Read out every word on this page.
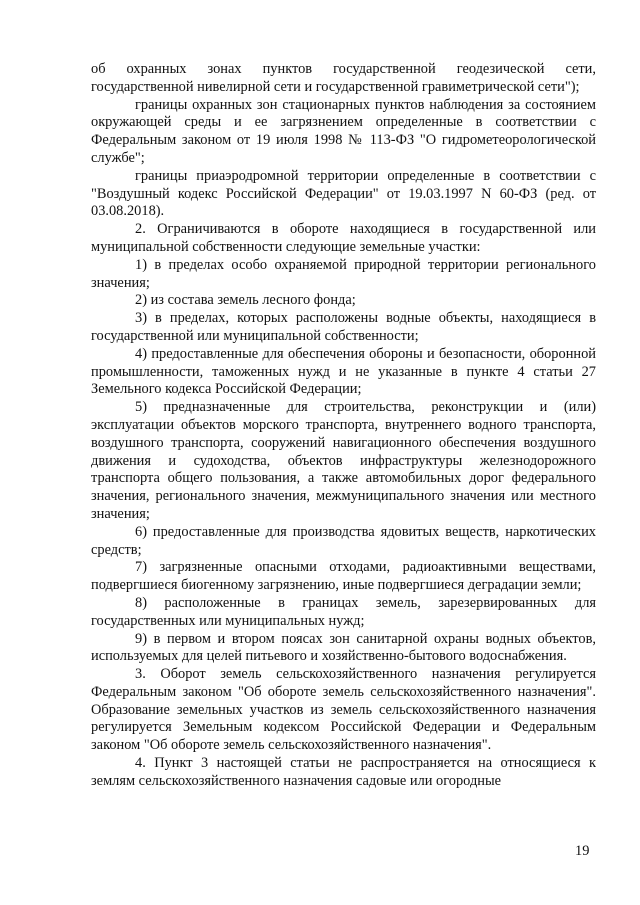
об охранных зонах пунктов государственной геодезической сети, государственной нивелирной сети и государственной гравиметрической сети");

границы охранных зон стационарных пунктов наблюдения за состоянием окружающей среды и ее загрязнением определенные в соответствии с Федеральным законом от 19 июля 1998 № 113-ФЗ "О гидрометеорологической службе";

границы приаэродромной территории определенные в соответствии с "Воздушный кодекс Российской Федерации" от 19.03.1997 N 60-ФЗ (ред. от 03.08.2018).

2. Ограничиваются в обороте находящиеся в государственной или муниципальной собственности следующие земельные участки:

1) в пределах особо охраняемой природной территории регионального значения;

2) из состава земель лесного фонда;

3) в пределах, которых расположены водные объекты, находящиеся в государственной или муниципальной собственности;

4) предоставленные для обеспечения обороны и безопасности, оборонной промышленности, таможенных нужд и не указанные в пункте 4 статьи 27 Земельного кодекса Российской Федерации;

5) предназначенные для строительства, реконструкции и (или) эксплуатации объектов морского транспорта, внутреннего водного транспорта, воздушного транспорта, сооружений навигационного обеспечения воздушного движения и судоходства, объектов инфраструктуры железнодорожного транспорта общего пользования, а также автомобильных дорог федерального значения, регионального значения, межмуниципального значения или местного значения;

6) предоставленные для производства ядовитых веществ, наркотических средств;

7) загрязненные опасными отходами, радиоактивными веществами, подвергшиеся биогенному загрязнению, иные подвергшиеся деградации земли;

8) расположенные в границах земель, зарезервированных для государственных или муниципальных нужд;

9) в первом и втором поясах зон санитарной охраны водных объектов, используемых для целей питьевого и хозяйственно-бытового водоснабжения.

3. Оборот земель сельскохозяйственного назначения регулируется Федеральным законом "Об обороте земель сельскохозяйственного назначения". Образование земельных участков из земель сельскохозяйственного назначения регулируется Земельным кодексом Российской Федерации и Федеральным законом "Об обороте земель сельскохозяйственного назначения".

4. Пункт 3 настоящей статьи не распространяется на относящиеся к землям сельскохозяйственного назначения садовые или огородные

19
